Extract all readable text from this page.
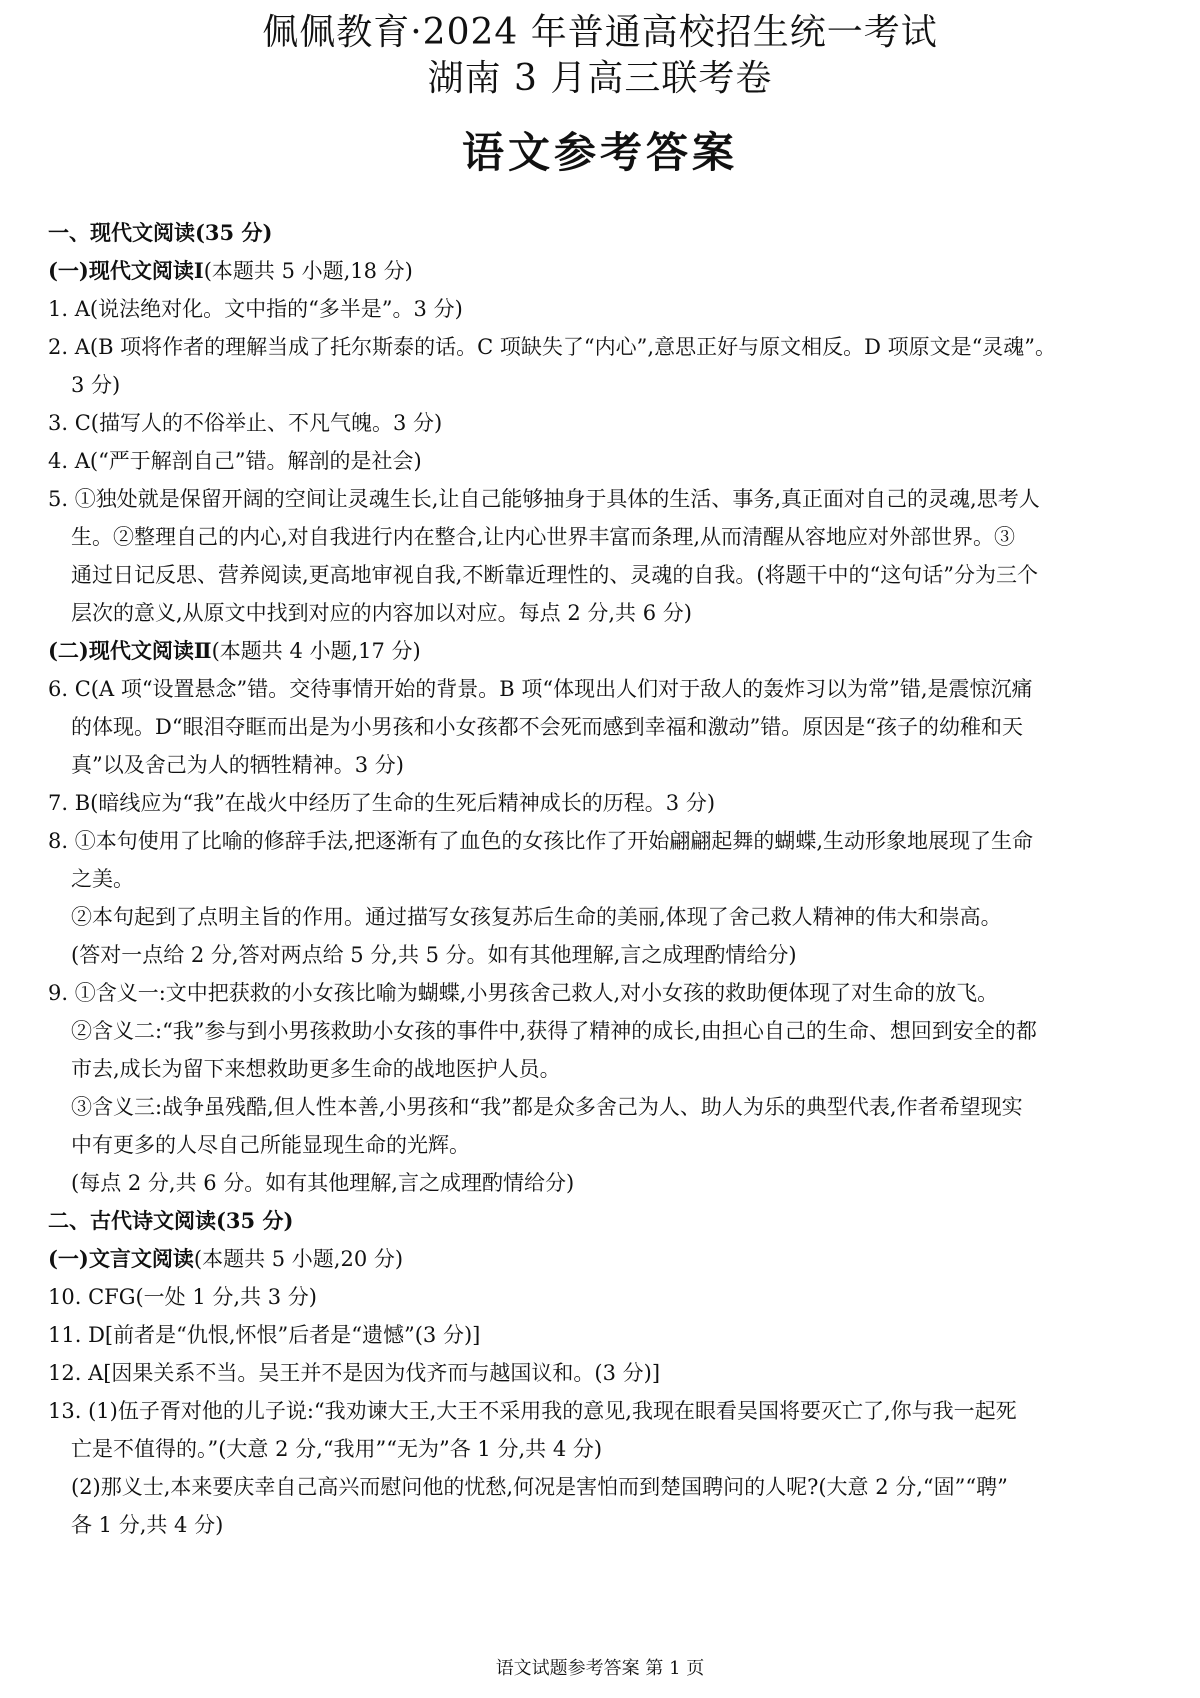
佩佩教育·2024 年普通高校招生统一考试
湖南 3 月高三联考卷
语文参考答案
一、现代文阅读(35 分)
(一)现代文阅读Ⅰ(本题共 5 小题,18 分)
1. A(说法绝对化。文中指的“多半是”。3 分)
2. A(B 项将作者的理解当成了托尔斯泰的话。C 项缺失了“内心”,意思正好与原文相反。D 项原文是“灵魂”。
3 分)
3. C(描写人的不俗举止、不凡气魄。3 分)
4. A(“严于解剖自己”错。解剖的是社会)
5. ①独处就是保留开阔的空间让灵魂生长,让自己能够抽身于具体的生活、事务,真正面对自己的灵魂,思考人
生。②整理自己的内心,对自我进行内在整合,让内心世界丰富而条理,从而清醒从容地应对外部世界。③
通过日记反思、营养阅读,更高地审视自我,不断靠近理性的、灵魂的自我。(将题干中的“这句话”分为三个
层次的意义,从原文中找到对应的内容加以对应。每点 2 分,共 6 分)
(二)现代文阅读Ⅱ(本题共 4 小题,17 分)
6. C(A 项“设置悬念”错。交待事情开始的背景。B 项“体现出人们对于敌人的轰炸习以为常”错,是震惊沉痛
的体现。D“眼泪夺眶而出是为小男孩和小女孩都不会死而感到幸福和激动”错。原因是“孩子的幼稚和天
真”以及舍己为人的牺牲精神。3 分)
7. B(暗线应为“我”在战火中经历了生命的生死后精神成长的历程。3 分)
8. ①本句使用了比喻的修辞手法,把逐渐有了血色的女孩比作了开始翩翩起舞的蝴蝶,生动形象地展现了生命
之美。
②本句起到了点明主旨的作用。通过描写女孩复苏后生命的美丽,体现了舍己救人精神的伟大和崇高。
(答对一点给 2 分,答对两点给 5 分,共 5 分。如有其他理解,言之成理酌情给分)
9. ①含义一:文中把获救的小女孩比喻为蝴蝶,小男孩舍己救人,对小女孩的救助便体现了对生命的放飞。
②含义二:“我”参与到小男孩救助小女孩的事件中,获得了精神的成长,由担心自己的生命、想回到安全的都
市去,成长为留下来想救助更多生命的战地医护人员。
③含义三:战争虽残酷,但人性本善,小男孩和“我”都是众多舍己为人、助人为乐的典型代表,作者希望现实
中有更多的人尽自己所能显现生命的光辉。
(每点 2 分,共 6 分。如有其他理解,言之成理酌情给分)
二、古代诗文阅读(35 分)
(一)文言文阅读(本题共 5 小题,20 分)
10. CFG(一处 1 分,共 3 分)
11. D[前者是“仇恨,怀恨”后者是“遗憾”(3 分)]
12. A[因果关系不当。吴王并不是因为伐齐而与越国议和。(3 分)]
13. (1)伍子胥对他的儿子说:“我劝谏大王,大王不采用我的意见,我现在眼看吴国将要灭亡了,你与我一起死
亡是不值得的。”(大意 2 分,“我用”“无为”各 1 分,共 4 分)
(2)那义士,本来要庆幸自己高兴而慰问他的忧愁,何况是害怕而到楚国聘问的人呢?(大意 2 分,“固”“聘”
各 1 分,共 4 分)
语文试题参考答案 第 1 页
